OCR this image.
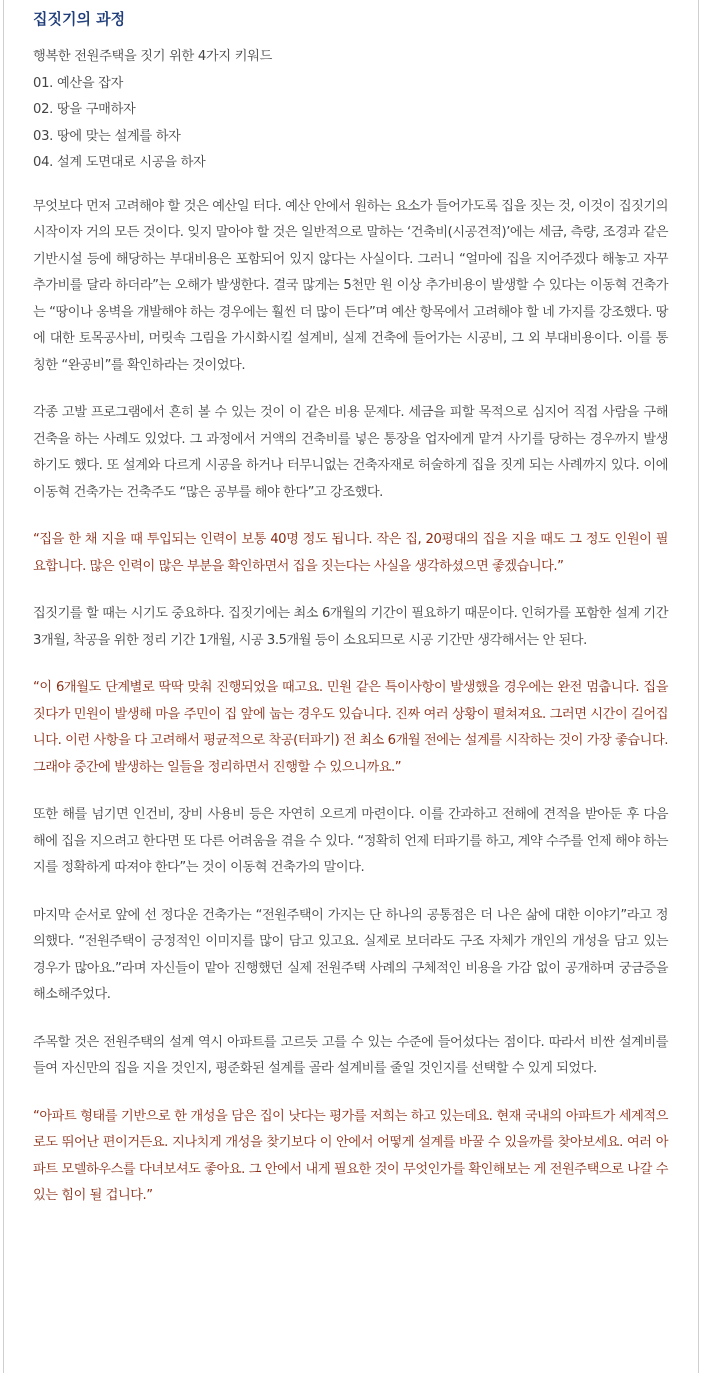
집짓기의 과정
행복한 전원주택을 짓기 위한 4가지 키워드
01. 예산을 잡자
02. 땅을 구매하자
03. 땅에 맞는 설계를 하자
04. 설계 도면대로 시공을 하자

무엇보다 먼저 고려해야 할 것은 예산일 터다. 예산 안에서 원하는 요소가 들어가도록 집을 짓는 것, 이것이 집짓기의 시작이자 거의 모든 것이다. 잊지 말아야 할 것은 일반적으로 말하는 ‘건축비(시공견적)’에는 세금, 측량, 조경과 같은 기반시설 등에 해당하는 부대비용은 포함되어 있지 않다는 사실이다. 그러니 “얼마에 집을 지어주겠다 해놓고 자꾸 추가비를 달라 하더라”는 오해가 발생한다. 결국 많게는 5천만 원 이상 추가비용이 발생할 수 있다는 이동혁 건축가는 “땅이나 옹벽을 개발해야 하는 경우에는 훨씬 더 많이 든다”며 예산 항목에서 고려해야 할 네 가지를 강조했다. 땅에 대한 토목공사비, 머릿속 그림을 가시화시킬 설계비, 실제 건축에 들어가는 시공비, 그 외 부대비용이다. 이를 통칭한 “완공비”를 확인하라는 것이었다.

각종 고발 프로그램에서 흔히 볼 수 있는 것이 이 같은 비용 문제다. 세금을 피할 목적으로 심지어 직접 사람을 구해 건축을 하는 사례도 있었다. 그 과정에서 거액의 건축비를 넣은 통장을 업자에게 맡겨 사기를 당하는 경우까지 발생하기도 했다. 또 설계와 다르게 시공을 하거나 터무니없는 건축자재로 허술하게 집을 짓게 되는 사례까지 있다. 이에 이동혁 건축가는 건축주도 “많은 공부를 해야 한다”고 강조했다.

“집을 한 채 지을 때 투입되는 인력이 보통 40명 정도 됩니다. 작은 집, 20평대의 집을 지을 때도 그 정도 인원이 필요합니다. 많은 인력이 많은 부분을 확인하면서 집을 짓는다는 사실을 생각하셨으면 좋겠습니다.”

집짓기를 할 때는 시기도 중요하다. 집짓기에는 최소 6개월의 기간이 필요하기 때문이다. 인허가를 포함한 설계 기간 3개월, 착공을 위한 정리 기간 1개월, 시공 3.5개월 등이 소요되므로 시공 기간만 생각해서는 안 된다.

“이 6개월도 단계별로 딱딱 맞춰 진행되었을 때고요. 민원 같은 특이사항이 발생했을 경우에는 완전 멈춥니다. 집을 짓다가 민원이 발생해 마을 주민이 집 앞에 눕는 경우도 있습니다. 진짜 여러 상황이 펼쳐져요. 그러면 시간이 길어집니다. 이런 사항을 다 고려해서 평균적으로 착공(터파기) 전 최소 6개월 전에는 설계를 시작하는 것이 가장 좋습니다. 그래야 중간에 발생하는 일들을 정리하면서 진행할 수 있으니까요.”

또한 해를 넘기면 인건비, 장비 사용비 등은 자연히 오르게 마련이다. 이를 간과하고 전해에 견적을 받아둔 후 다음 해에 집을 지으려고 한다면 또 다른 어려움을 겪을 수 있다. “정확히 언제 터파기를 하고, 계약 수주를 언제 해야 하는지를 정확하게 따져야 한다”는 것이 이동혁 건축가의 말이다.

마지막 순서로 앞에 선 정다운 건축가는 “전원주택이 가지는 단 하나의 공통점은 더 나은 삶에 대한 이야기”라고 정의했다. “전원주택이 긍정적인 이미지를 많이 담고 있고요. 실제로 보더라도 구조 자체가 개인의 개성을 담고 있는 경우가 많아요.”라며 자신들이 맡아 진행했던 실제 전원주택 사례의 구체적인 비용을 가감 없이 공개하며 궁금증을 해소해주었다.

주목할 것은 전원주택의 설계 역시 아파트를 고르듯 고를 수 있는 수준에 들어섰다는 점이다. 따라서 비싼 설계비를 들여 자신만의 집을 지을 것인지, 평준화된 설계를 골라 설계비를 줄일 것인지를 선택할 수 있게 되었다.

“아파트 형태를 기반으로 한 개성을 담은 집이 낫다는 평가를 저희는 하고 있는데요. 현재 국내의 아파트가 세계적으로도 뛰어난 편이거든요. 지나치게 개성을 찾기보다 이 안에서 어떻게 설계를 바꿀 수 있을까를 찾아보세요. 여러 아파트 모델하우스를 다녀보셔도 좋아요. 그 안에서 내게 필요한 것이 무엇인가를 확인해보는 게 전원주택으로 나갈 수 있는 힘이 될 겁니다.”
